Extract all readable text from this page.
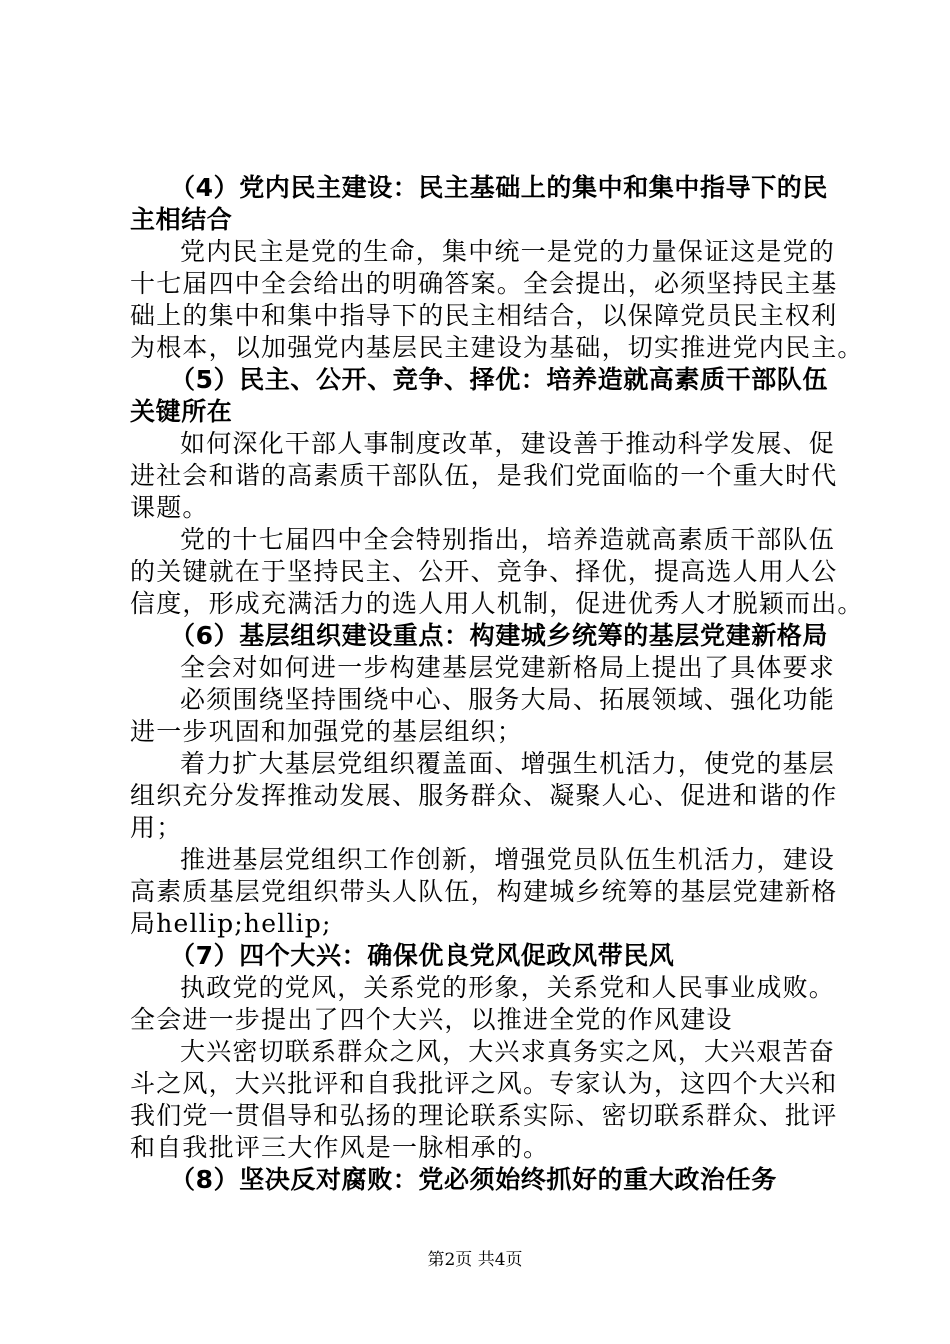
（4）党内民主建设：民主基础上的集中和集中指导下的民
主相结合
党内民主是党的生命，集中统一是党的力量保证这是党的
十七届四中全会给出的明确答案。全会提出，必须坚持民主基
础上的集中和集中指导下的民主相结合，以保障党员民主权利
为根本，以加强党内基层民主建设为基础，切实推进党内民主。
（5）民主、公开、竞争、择优：培养造就高素质干部队伍
关键所在
如何深化干部人事制度改革，建设善于推动科学发展、促
进社会和谐的高素质干部队伍，是我们党面临的一个重大时代
课题。
党的十七届四中全会特别指出，培养造就高素质干部队伍
的关键就在于坚持民主、公开、竞争、择优，提高选人用人公
信度，形成充满活力的选人用人机制，促进优秀人才脱颖而出。
（6）基层组织建设重点：构建城乡统筹的基层党建新格局
全会对如何进一步构建基层党建新格局上提出了具体要求
必须围绕坚持围绕中心、服务大局、拓展领域、强化功能
进一步巩固和加强党的基层组织；
着力扩大基层党组织覆盖面、增强生机活力，使党的基层
组织充分发挥推动发展、服务群众、凝聚人心、促进和谐的作
用；
推进基层党组织工作创新，增强党员队伍生机活力，建设
高素质基层党组织带头人队伍，构建城乡统筹的基层党建新格
局hellip;hellip;
（7）四个大兴：确保优良党风促政风带民风
执政党的党风，关系党的形象，关系党和人民事业成败。
全会进一步提出了四个大兴，以推进全党的作风建设
大兴密切联系群众之风，大兴求真务实之风，大兴艰苦奋
斗之风，大兴批评和自我批评之风。专家认为，这四个大兴和
我们党一贯倡导和弘扬的理论联系实际、密切联系群众、批评
和自我批评三大作风是一脉相承的。
（8）坚决反对腐败：党必须始终抓好的重大政治任务
第2页 共4页
